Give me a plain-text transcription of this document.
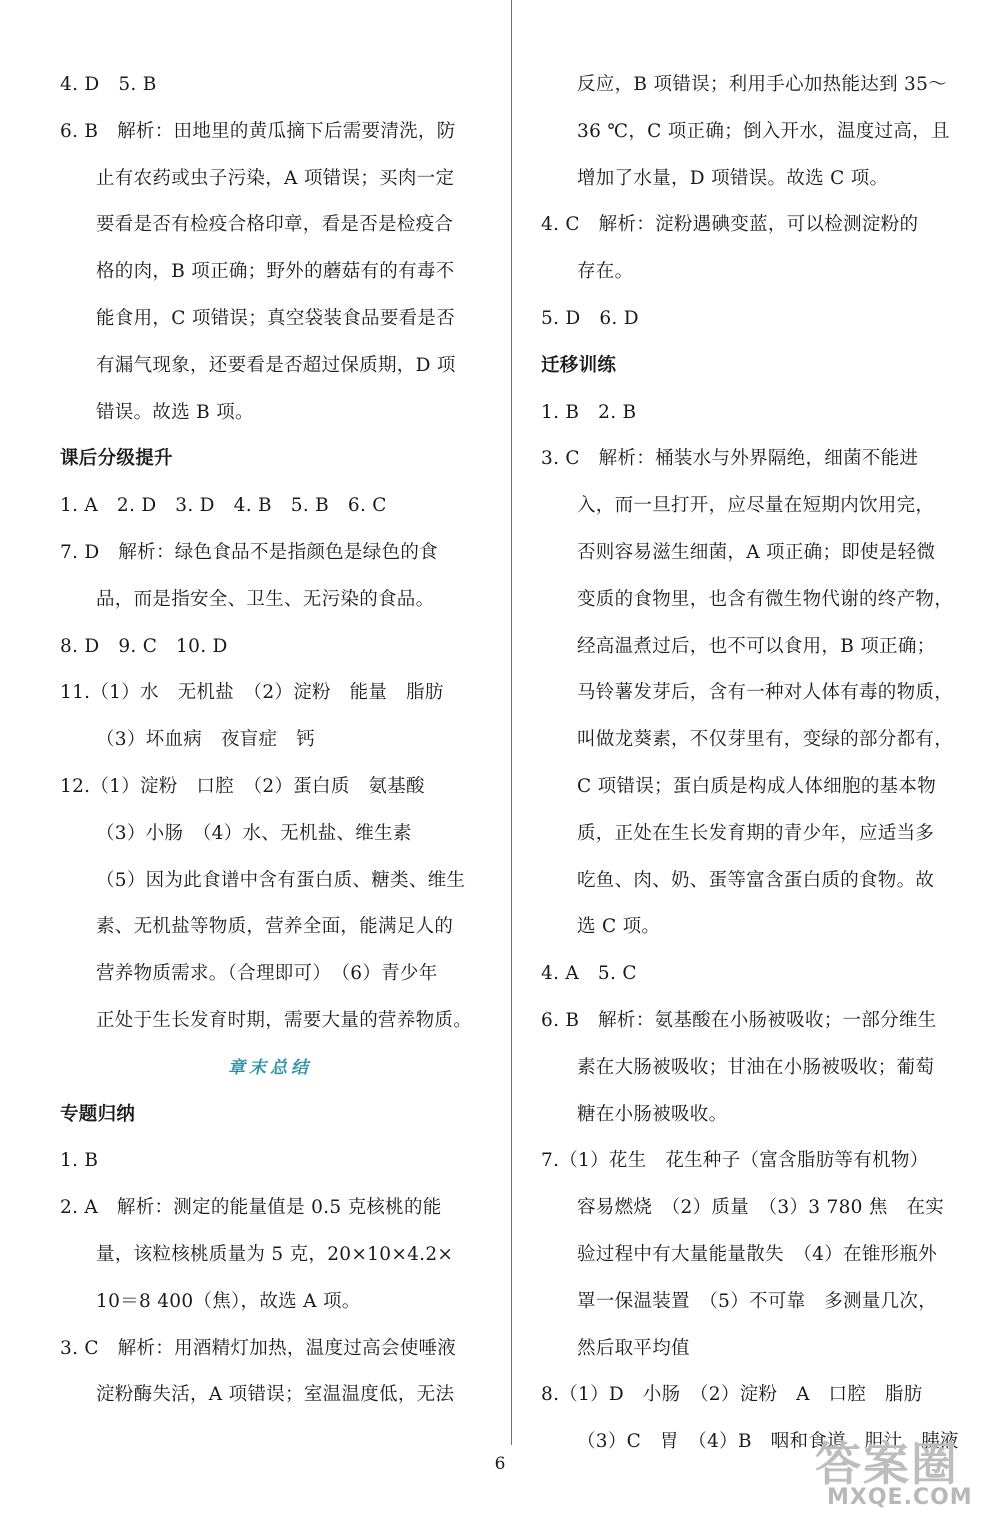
4. D　5. B
6. B　解析：田地里的黄瓜摘下后需要清洗，防
止有农药或虫子污染，A 项错误；买肉一定
要看是否有检疫合格印章，看是否是检疫合
格的肉，B 项正确；野外的蘑菇有的有毒不
能食用，C 项错误；真空袋装食品要看是否
有漏气现象，还要看是否超过保质期，D 项
错误。故选 B 项。
课后分级提升
1. A　2. D　3. D　4. B　5. B　6. C
7. D　解析：绿色食品不是指颜色是绿色的食
品，而是指安全、卫生、无污染的食品。
8. D　9. C　10. D
11.（1）水　无机盐　（2）淀粉　能量　脂肪
（3）坏血病　夜盲症　钙
12.（1）淀粉　口腔　（2）蛋白质　氨基酸
（3）小肠　（4）水、无机盐、维生素
（5）因为此食谱中含有蛋白质、糖类、维生
素、无机盐等物质，营养全面，能满足人的
营养物质需求。（合理即可）　（6）青少年
正处于生长发育时期，需要大量的营养物质。
章末总结
专题归纳
1. B
2. A　解析：测定的能量值是 0.5 克核桃的能
量，该粒核桃质量为 5 克，20×10×4.2×
10＝8 400（焦），故选 A 项。
3. C　解析：用酒精灯加热，温度过高会使唾液
淀粉酶失活，A 项错误；室温温度低，无法
反应，B 项错误；利用手心加热能达到 35～
36 ℃，C 项正确；倒入开水，温度过高，且
增加了水量，D 项错误。故选 C 项。
4. C　解析：淀粉遇碘变蓝，可以检测淀粉的
存在。
5. D　6. D
迁移训练
1. B　2. B
3. C　解析：桶装水与外界隔绝，细菌不能进
入，而一旦打开，应尽量在短期内饮用完，
否则容易滋生细菌，A 项正确；即使是轻微
变质的食物里，也含有微生物代谢的终产物，
经高温煮过后，也不可以食用，B 项正确；
马铃薯发芽后，含有一种对人体有毒的物质，
叫做龙葵素，不仅芽里有，变绿的部分都有，
C 项错误；蛋白质是构成人体细胞的基本物
质，正处在生长发育期的青少年，应适当多
吃鱼、肉、奶、蛋等富含蛋白质的食物。故
选 C 项。
4. A　5. C
6. B　解析：氨基酸在小肠被吸收；一部分维生
素在大肠被吸收；甘油在小肠被吸收；葡萄
糖在小肠被吸收。
7.（1）花生　花生种子（富含脂肪等有机物）
容易燃烧　（2）质量　（3）3 780 焦　在实
验过程中有大量能量散失　（4）在锥形瓶外
罩一保温装置　（5）不可靠　多测量几次，
然后取平均值
8.（1）D　小肠　（2）淀粉　A　口腔　脂肪
（3）C　胃　（4）B　咽和食道　胆汁　胰液
6	答案圈
MXQE.COM
